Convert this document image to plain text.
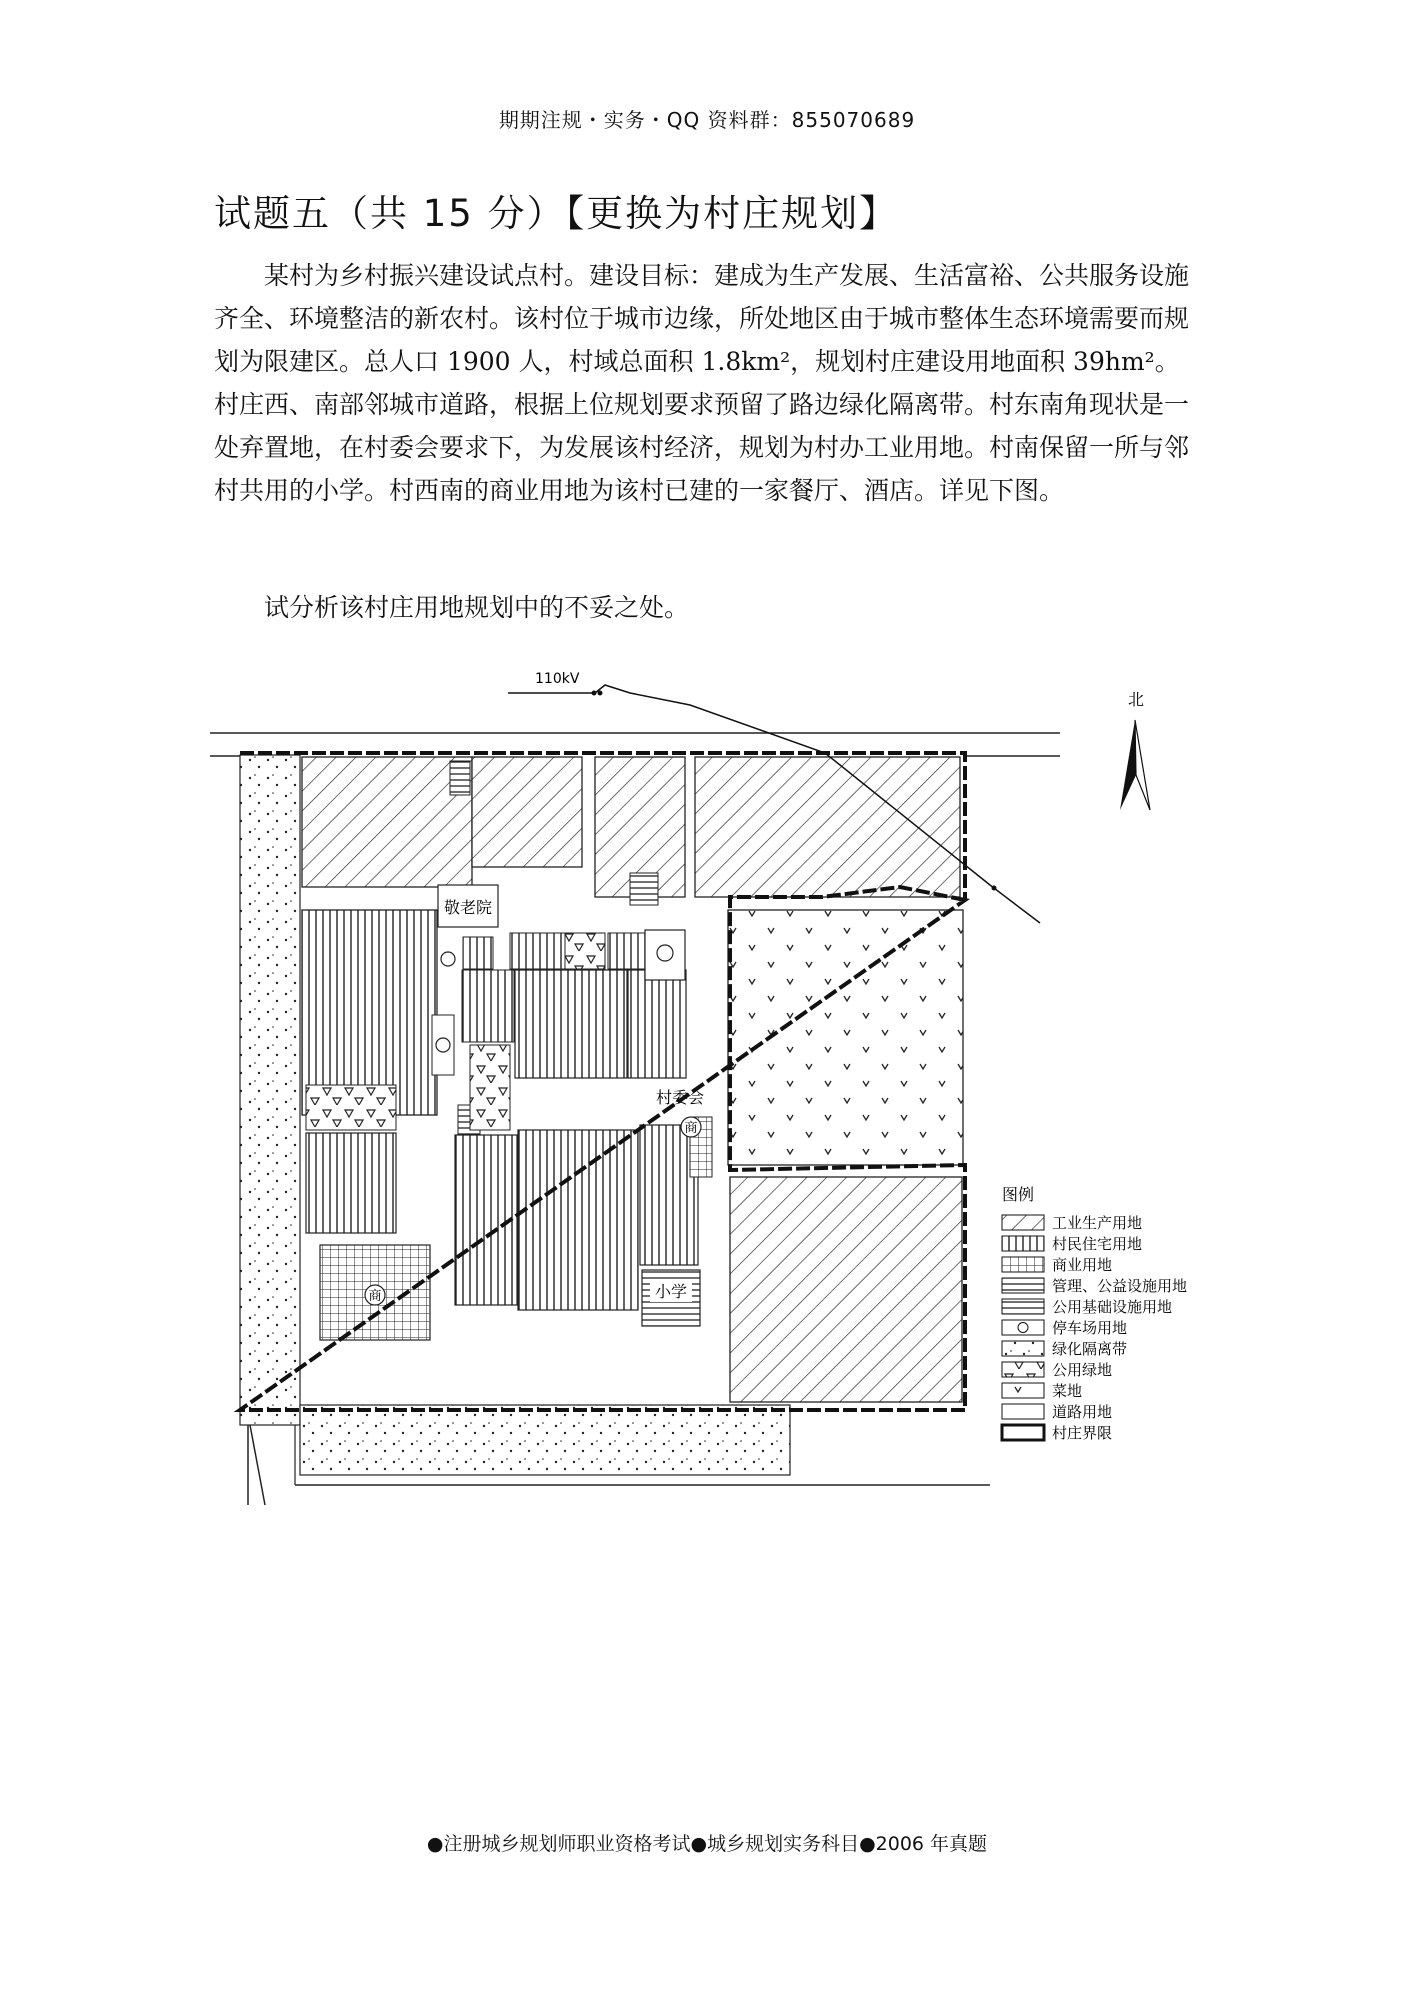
期期注规・实务・QQ 资料群：855070689
试题五（共 15 分）【更换为村庄规划】
某村为乡村振兴建设试点村。建设目标：建成为生产发展、生活富裕、公共服务设施齐全、环境整洁的新农村。该村位于城市边缘，所处地区由于城市整体生态环境需要而规划为限建区。总人口 1900 人，村域总面积 1.8km²，规划村庄建设用地面积 39hm²。村庄西、南部邻城市道路，根据上位规划要求预留了路边绿化隔离带。村东南角现状是一处弃置地，在村委会要求下，为发展该村经济，规划为村办工业用地。村南保留一所与邻村共用的小学。村西南的商业用地为该村已建的一家餐厅、酒店。详见下图。
试分析该村庄用地规划中的不妥之处。
敬老院
商
商
村委会
小学
110kV
北
图例
工业生产用地
村民住宅用地
商业用地
管理、公益设施用地
公用基础设施用地
停车场用地
绿化隔离带
公用绿地
菜地
道路用地
村庄界限
●注册城乡规划师职业资格考试●城乡规划实务科目●2006 年真题
